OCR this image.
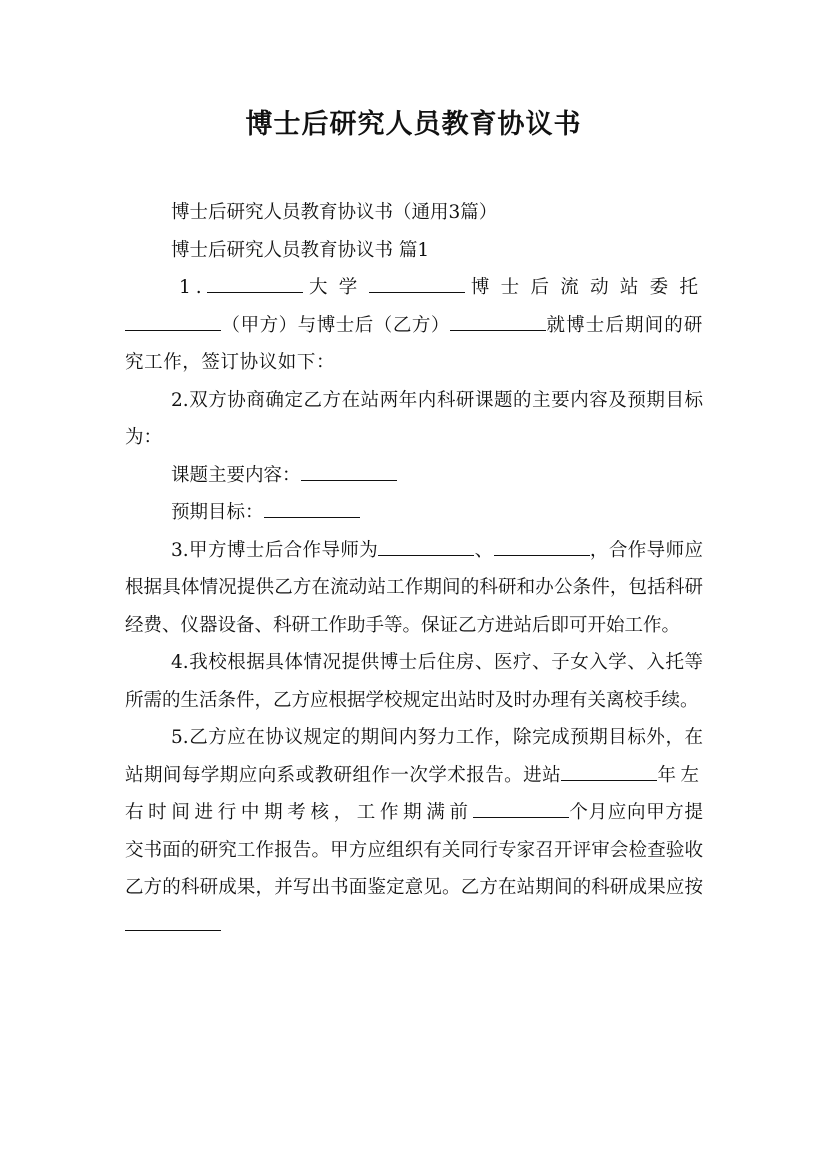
博士后研究人员教育协议书

博士后研究人员教育协议书（通用3篇）

博士后研究人员教育协议书 篇1

1.	大学	博士后流动站委托（甲方）与博士后（乙方）	就博士后期间的研究工作，签订协议如下：

2.双方协商确定乙方在站两年内科研课题的主要内容及预期目标为：

课题主要内容：

预期目标：

3.甲方博士后合作导师为	、	，合作导师应根据具体情况提供乙方在流动站工作期间的科研和办公条件，包括科研经费、仪器设备、科研工作助手等。保证乙方进站后即可开始工作。

4.我校根据具体情况提供博士后住房、医疗、子女入学、入托等所需的生活条件，乙方应根据学校规定出站时及时办理有关离校手续。

5.乙方应在协议规定的期间内努力工作，除完成预期目标外，在站期间每学期应向系或教研组作一次学术报告。进站	年左右时间进行中期考核，工作期满前	个月应向甲方提交书面的研究工作报告。甲方应组织有关同行专家召开评审会检查验收乙方的科研成果，并写出书面鉴定意见。乙方在站期间的科研成果应按
